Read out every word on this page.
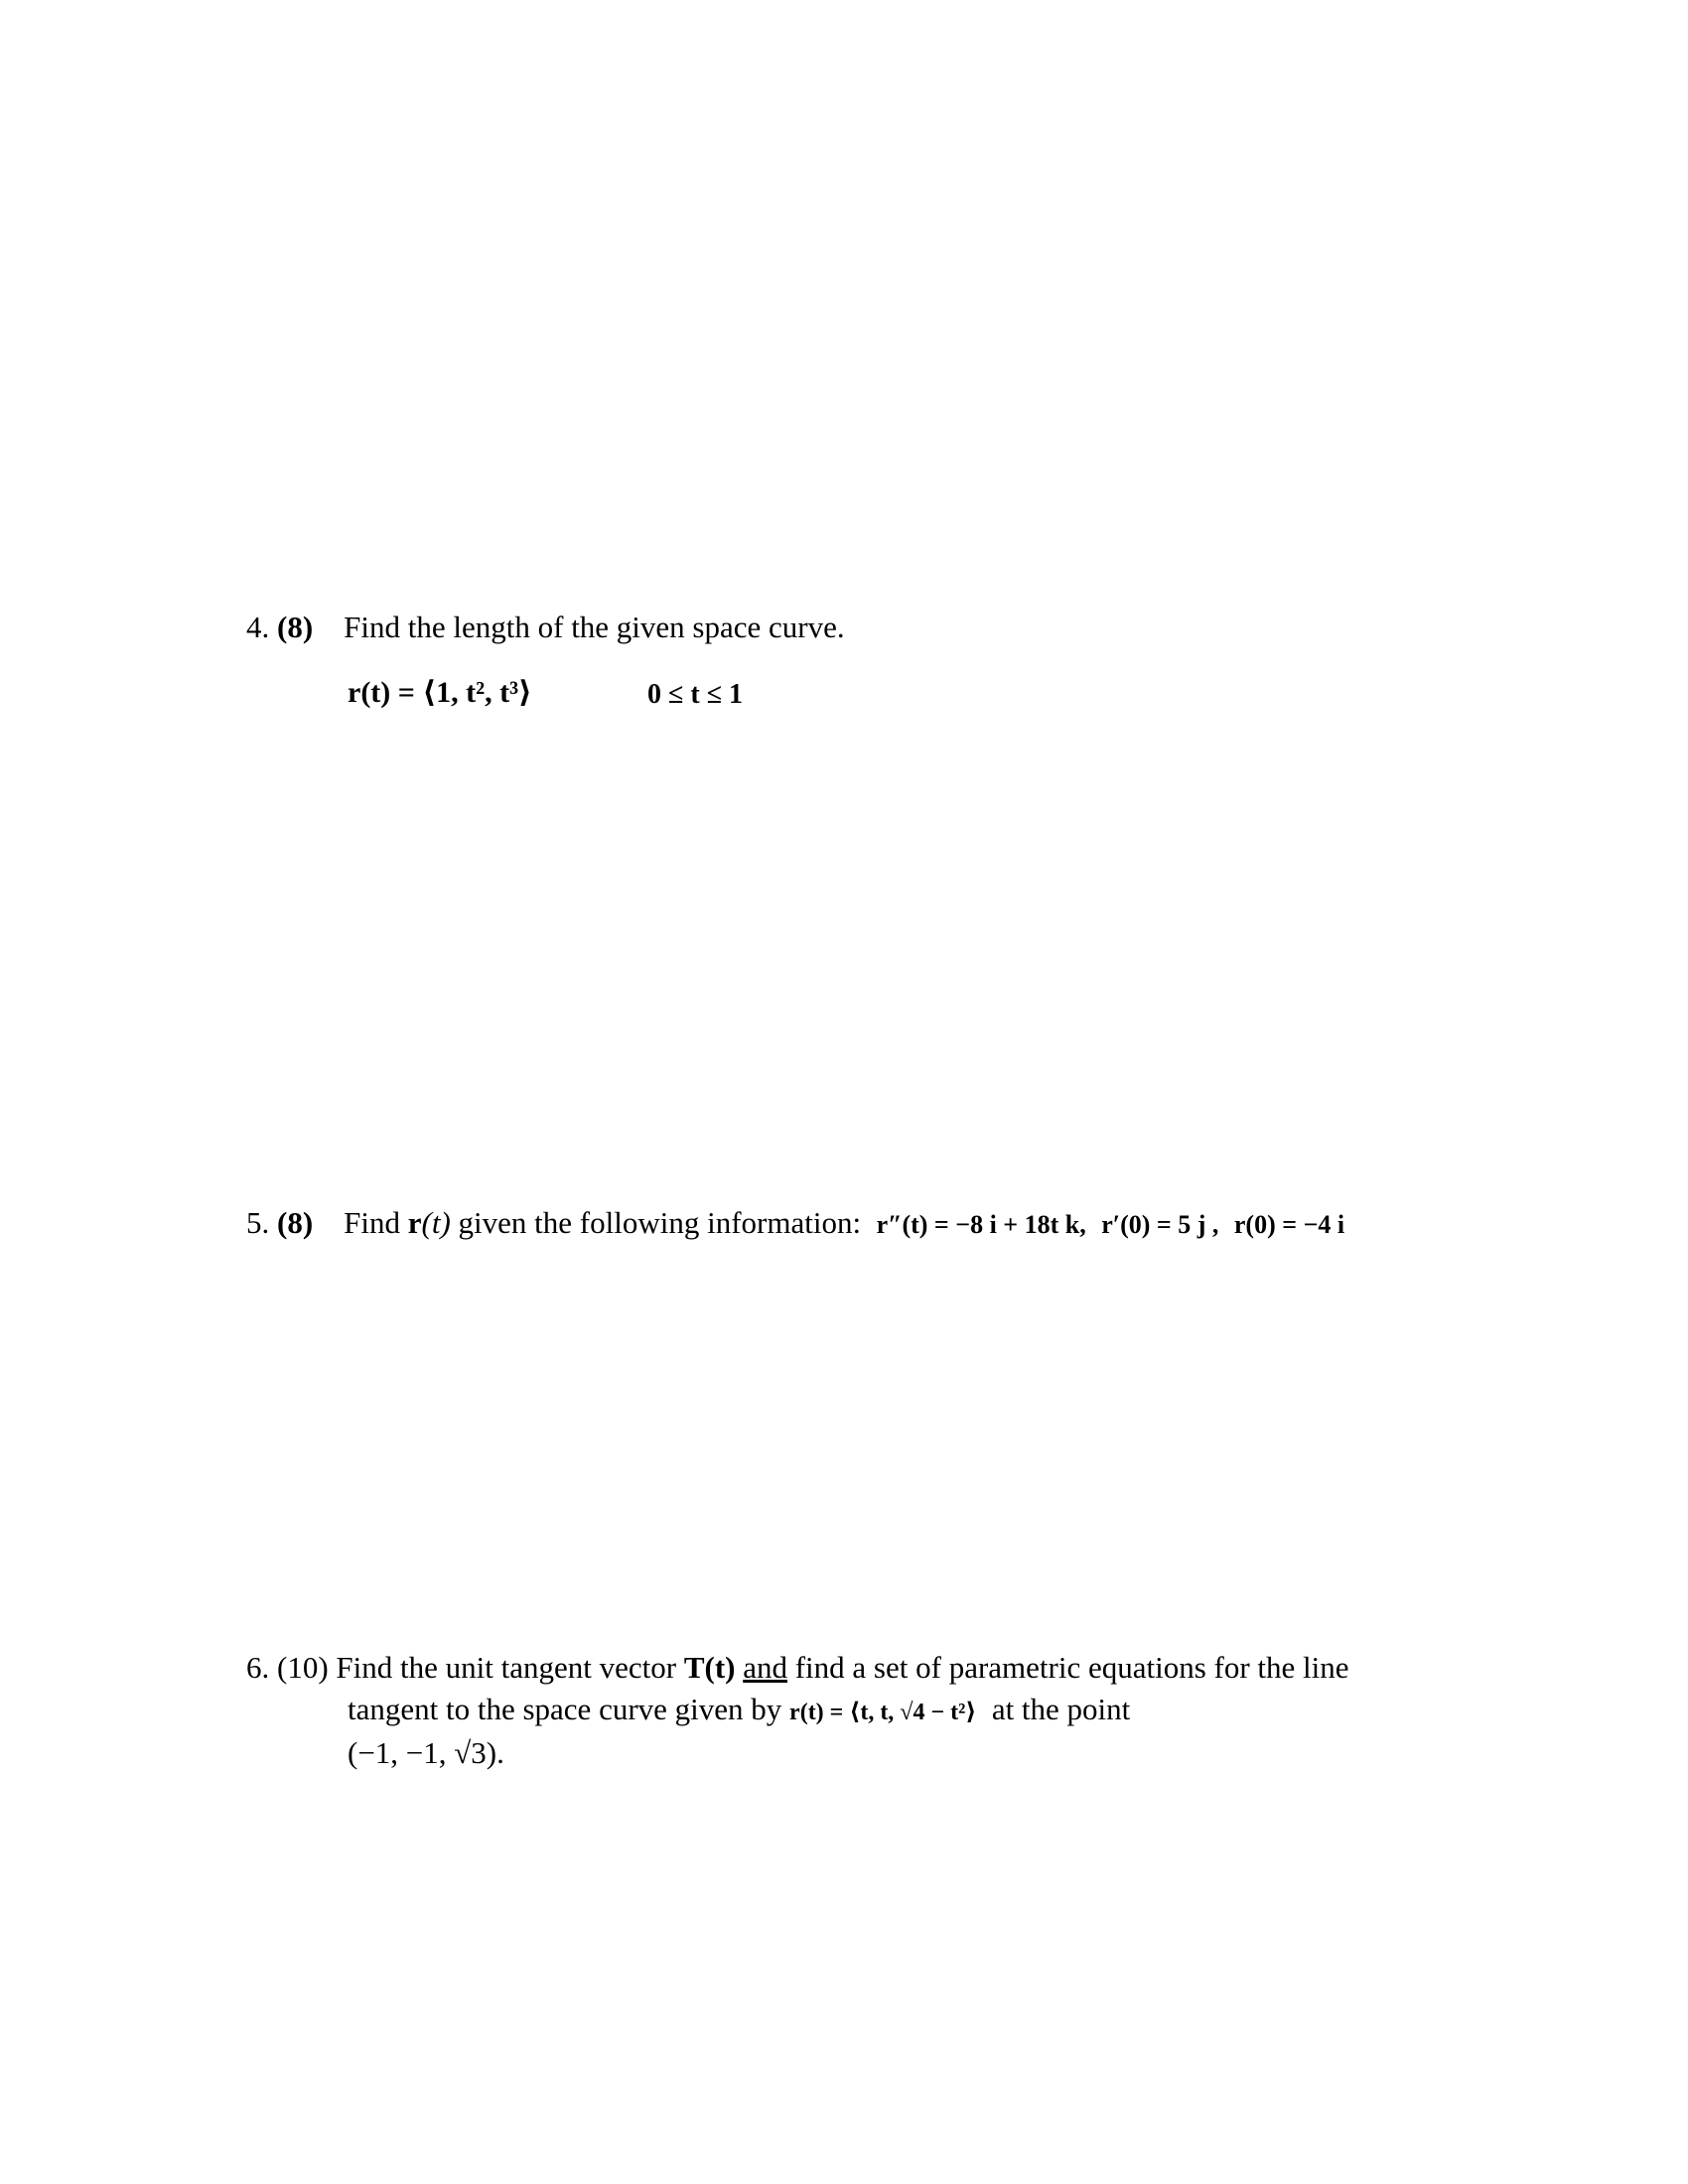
4. (8) Find the length of the given space curve.
r(t) = ⟨1, t², t³⟩	0 ≤ t ≤ 1
5. (8) Find r(t) given the following information: r″(t) = −8 i + 18t k, r′(0) = 5 j , r(0) = −4 i
6. (10) Find the unit tangent vector T(t) and find a set of parametric equations for the line
tangent to the space curve given by r(t) = ⟨t, t, √4 − t²⟩ at the point
(−1, −1, √3).
